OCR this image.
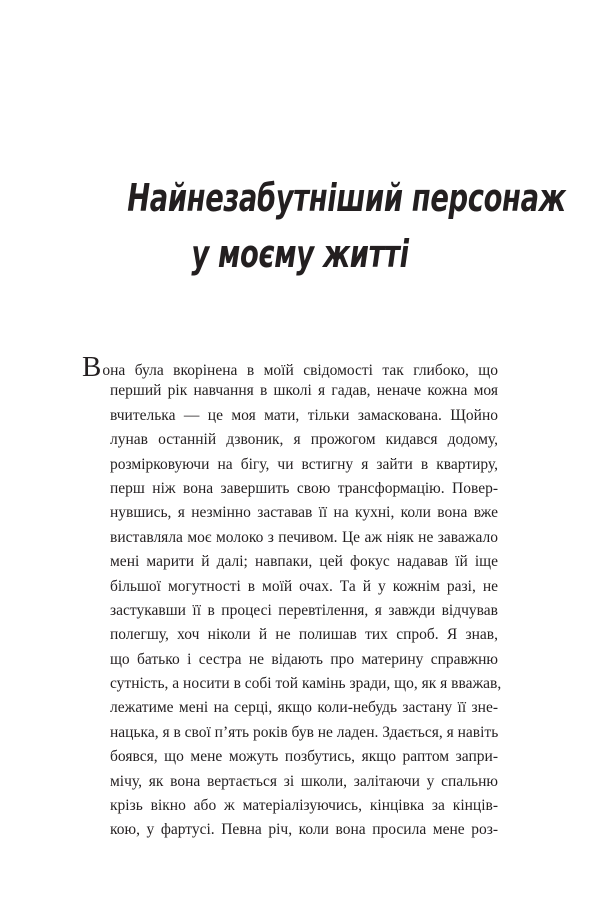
Найнезабутніший персонаж
у моєму житті
Вона була вкорінена в моїй свідомості так глибоко, що
перший рік навчання в школі я гадав, неначе кожна моя
вчителька — це моя мати, тільки замаскована. Щойно
лунав останній дзвоник, я прожогом кидався додому,
розмірковуючи на бігу, чи встигну я зайти в квартиру,
перш ніж вона завершить свою трансформацію. Повер-
нувшись, я незмінно заставав її на кухні, коли вона вже
виставляла моє молоко з печивом. Це аж ніяк не заважало
мені марити й далі; навпаки, цей фокус надавав їй іще
більшої могутності в моїй очах. Та й у кожнім разі, не
застукавши її в процесі перевтілення, я завжди відчував
полегшу, хоч ніколи й не полишав тих спроб. Я знав,
що батько і сестра не відають про материну справжню
сутність, а носити в собі той камінь зради, що, як я вважав,
лежатиме мені на серці, якщо коли-небудь застану її зне-
нацька, я в свої п’ять років був не ладен. Здається, я навіть
боявся, що мене можуть позбутись, якщо раптом запри-
мічу, як вона вертається зі школи, залітаючи у спальню
крізь вікно або ж матеріалізуючись, кінцівка за кінців-
кою, у фартусі. Певна річ, коли вона просила мене роз-
